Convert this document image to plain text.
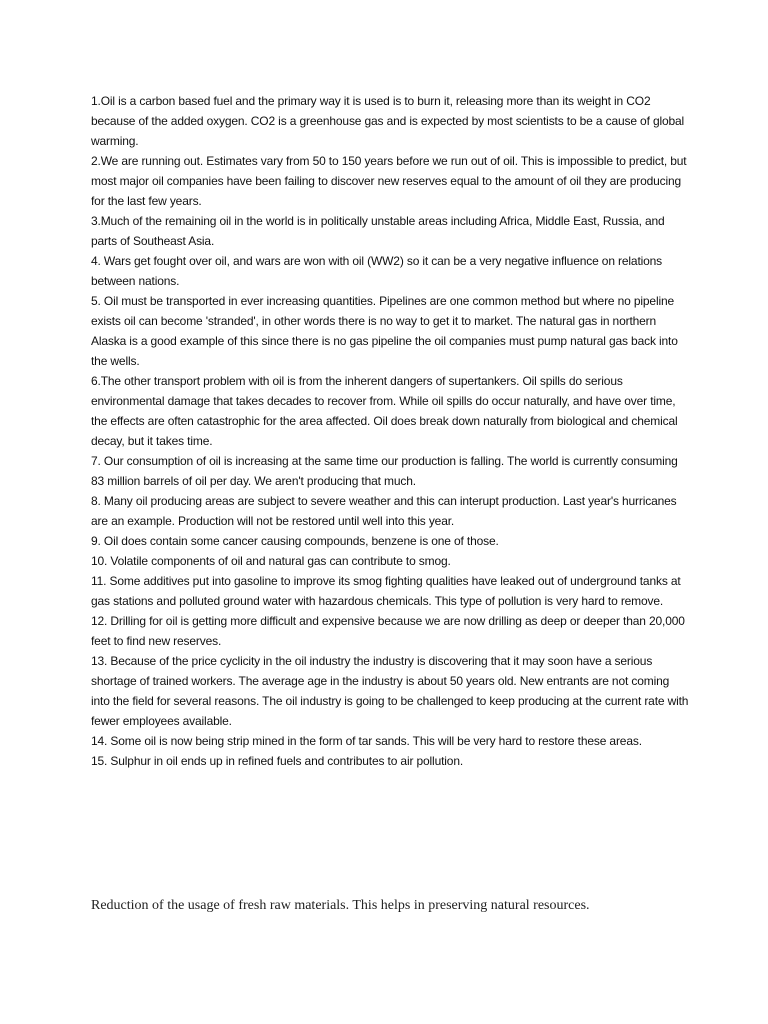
1.Oil is a carbon based fuel and the primary way it is used is to burn it, releasing more than its weight in CO2 because of the added oxygen. CO2 is a greenhouse gas and is expected by most scientists to be a cause of global warming.

2.We are running out. Estimates vary from 50 to 150 years before we run out of oil. This is impossible to predict, but most major oil companies have been failing to discover new reserves equal to the amount of oil they are producing for the last few years.

3.Much of the remaining oil in the world is in politically unstable areas including Africa, Middle East, Russia, and parts of Southeast Asia.

4. Wars get fought over oil, and wars are won with oil (WW2) so it can be a very negative influence on relations between nations.

5. Oil must be transported in ever increasing quantities. Pipelines are one common method but where no pipeline exists oil can become 'stranded', in other words there is no way to get it to market. The natural gas in northern Alaska is a good example of this since there is no gas pipeline the oil companies must pump natural gas back into the wells.

6.The other transport problem with oil is from the inherent dangers of supertankers. Oil spills do serious environmental damage that takes decades to recover from. While oil spills do occur naturally, and have over time, the effects are often catastrophic for the area affected. Oil does break down naturally from biological and chemical decay, but it takes time.

7. Our consumption of oil is increasing at the same time our production is falling. The world is currently consuming 83 million barrels of oil per day. We aren't producing that much.

8. Many oil producing areas are subject to severe weather and this can interupt production. Last year's hurricanes are an example. Production will not be restored until well into this year.

9. Oil does contain some cancer causing compounds, benzene is one of those.

10. Volatile components of oil and natural gas can contribute to smog.

11. Some additives put into gasoline to improve its smog fighting qualities have leaked out of underground tanks at gas stations and polluted ground water with hazardous chemicals. This type of pollution is very hard to remove.

12. Drilling for oil is getting more difficult and expensive because we are now drilling as deep or deeper than 20,000 feet to find new reserves.

13. Because of the price cyclicity in the oil industry the industry is discovering that it may soon have a serious shortage of trained workers. The average age in the industry is about 50 years old. New entrants are not coming into the field for several reasons. The oil industry is going to be challenged to keep producing at the current rate with fewer employees available.

14. Some oil is now being strip mined in the form of tar sands. This will be very hard to restore these areas.

15. Sulphur in oil ends up in refined fuels and contributes to air pollution.

Reduction of the usage of fresh raw materials. This helps in preserving natural resources.
